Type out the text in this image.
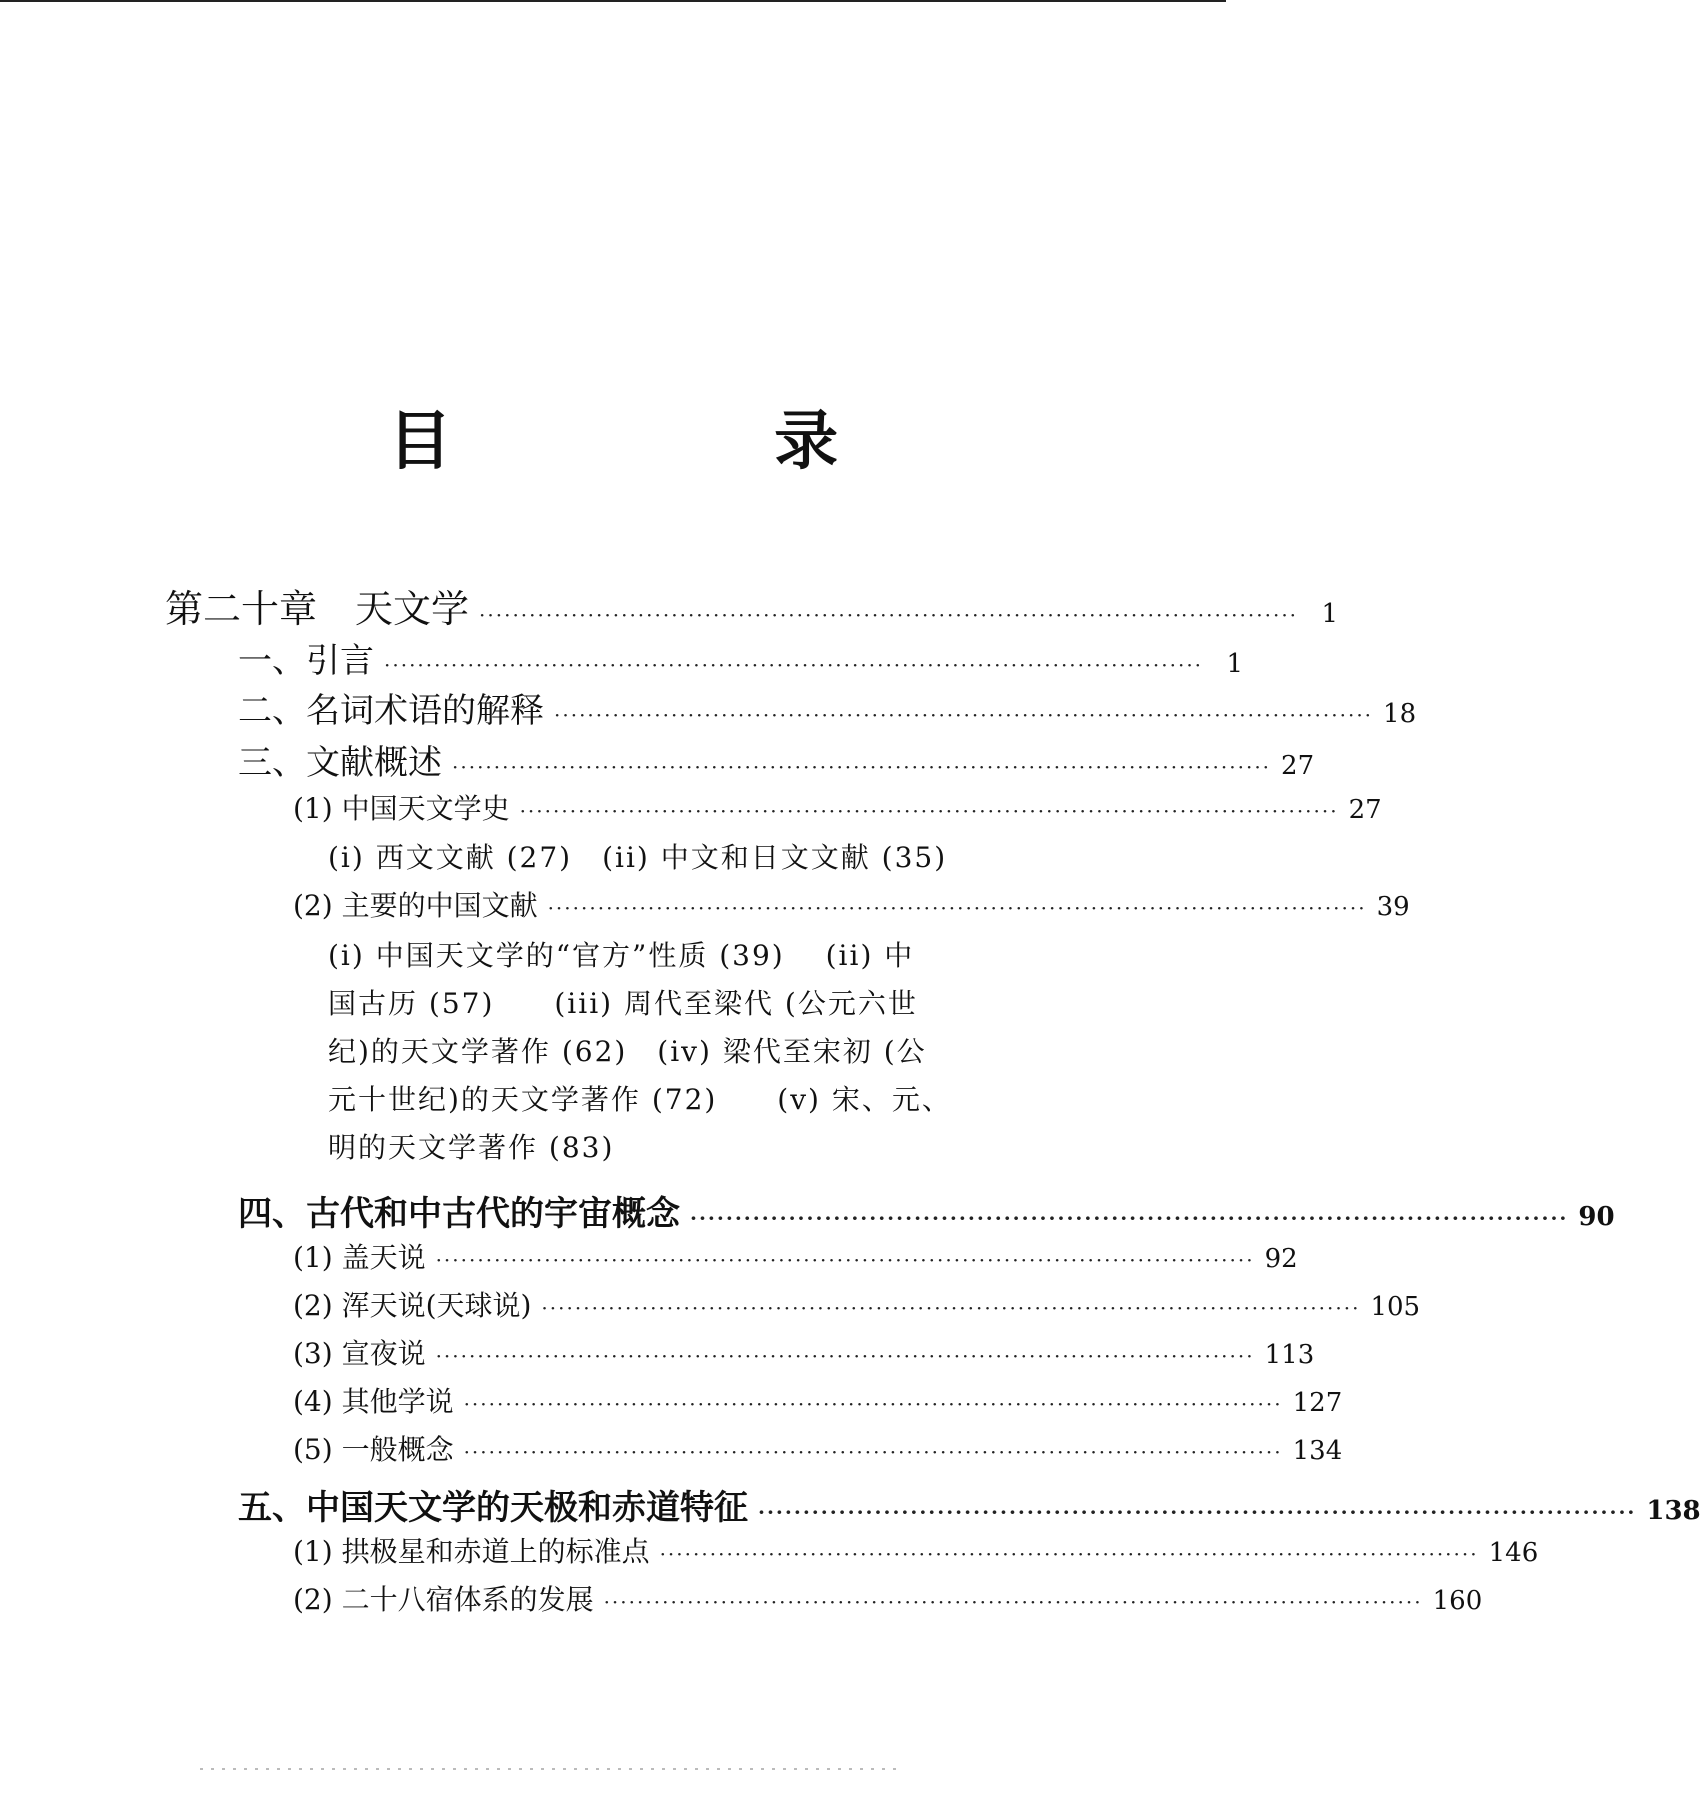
目 录
第二十章　天文学 ·································································································· 1
一、引言 ·································································································· 1
二、名词术语的解释 ·································································································· 18
三、文献概述 ·································································································· 27
(1) 中国天文学史 ·································································································· 27
(i) 西文文献 (27)　(ii) 中文和日文文献 (35)
(2) 主要的中国文献 ·································································································· 39
(i) 中国天文学的“官方”性质 (39)　 (ii) 中
国古历 (57)　　(iii) 周代至梁代 (公元六世
纪)的天文学著作 (62)　(iv) 梁代至宋初 (公
元十世纪)的天文学著作 (72)　　(v) 宋、元、
明的天文学著作 (83)
四、古代和中古代的宇宙概念 ·································································································· 90
(1) 盖天说 ·································································································· 92
(2) 浑天说(天球说) ·································································································· 105
(3) 宣夜说 ·································································································· 113
(4) 其他学说 ·································································································· 127
(5) 一般概念 ·································································································· 134
五、中国天文学的天极和赤道特征 ·································································································· 138
(1) 拱极星和赤道上的标准点 ·································································································· 146
(2) 二十八宿体系的发展 ·································································································· 160
